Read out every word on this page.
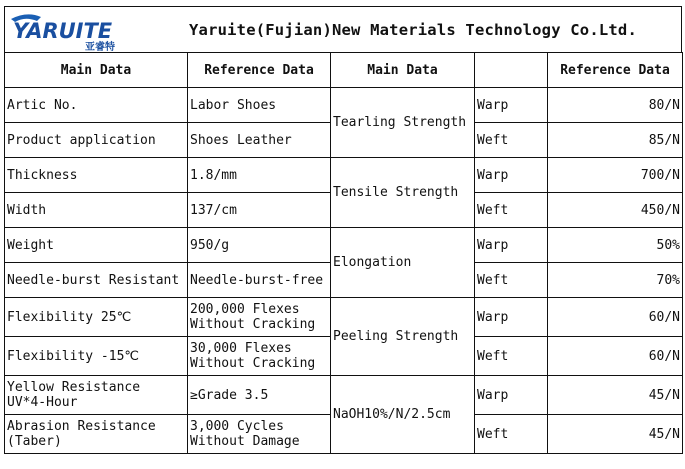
YARUITE
亚睿特
Yaruite(Fujian)New Materials Technology Co.Ltd.
Main Data	Reference Data	Main Data		Reference Data
Artic No.	Labor Shoes	Tearling Strength	Warp	80/N
Product application	Shoes Leather		Weft	85/N
Thickness	1.8/mm	Tensile Strength	Warp	700/N
Width	137/cm		Weft	450/N
Weight	950/g	Elongation	Warp	50%
Needle-burst Resistant	Needle-burst-free		Weft	70%
Flexibility 25℃	200,000 Flexes Without Cracking	Peeling Strength	Warp	60/N
Flexibility -15℃	30,000 Flexes Without Cracking		Weft	60/N
Yellow Resistance UV*4-Hour	≥Grade 3.5	NaOH10%/N/2.5cm	Warp	45/N
Abrasion Resistance (Taber)	3,000 Cycles Without Damage		Weft	45/N
